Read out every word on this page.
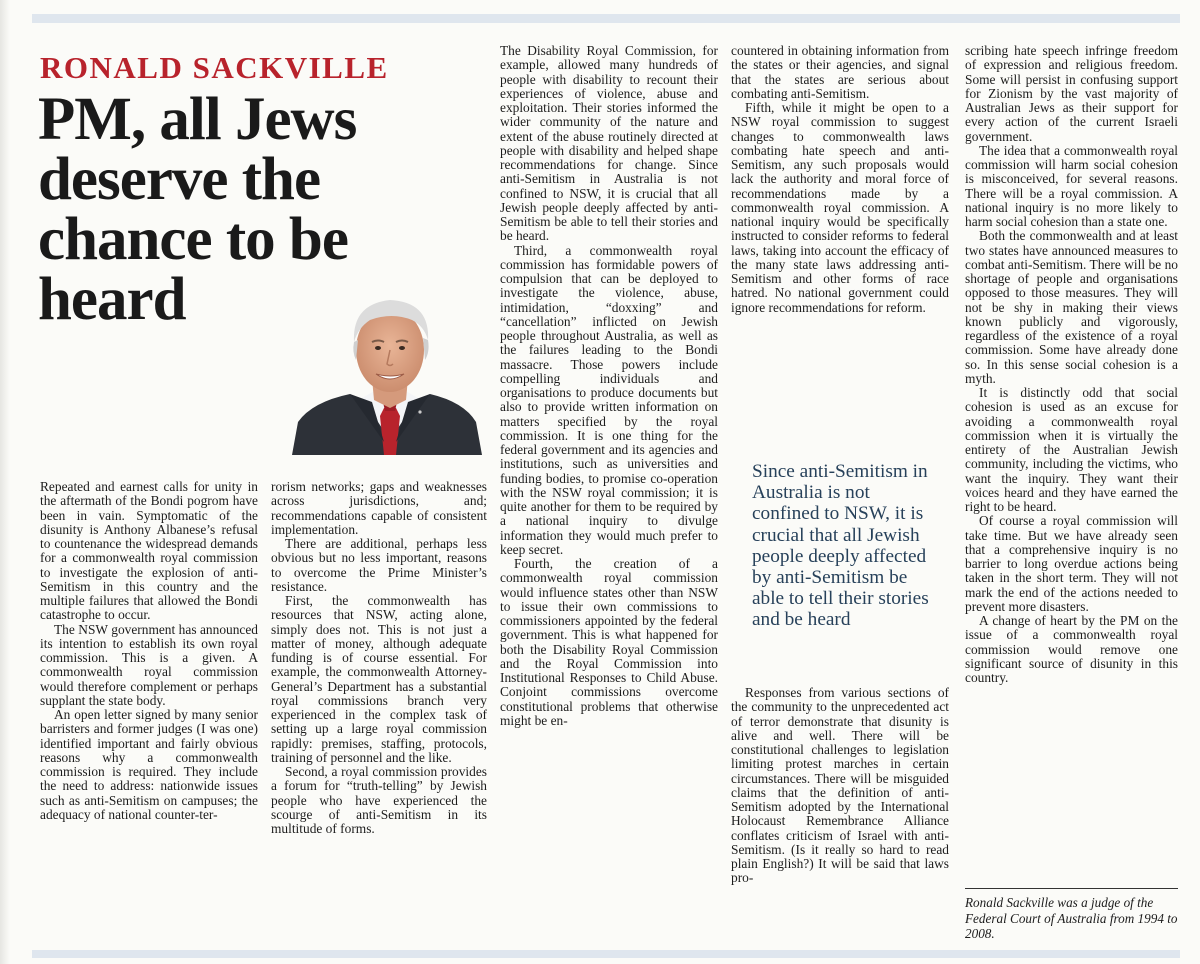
RONALD SACKVILLE
PM, all Jews deserve the chance to be heard

Repeated and earnest calls for unity in the aftermath of the Bondi pogrom have been in vain. Symptomatic of the disunity is Anthony Albanese’s refusal to countenance the widespread demands for a commonwealth royal commission to investigate the explosion of anti-Semitism in this country and the multiple failures that allowed the Bondi catastrophe to occur.

The NSW government has announced its intention to establish its own royal commission. This is a given. A commonwealth royal commission would therefore complement or perhaps supplant the state body.

An open letter signed by many senior barristers and former judges (I was one) identified important and fairly obvious reasons why a commonwealth commission is required. They include the need to address: nationwide issues such as anti-Semitism on campuses; the adequacy of national counter-ter-

rorism networks; gaps and weaknesses across jurisdictions, and; recommendations capable of consistent implementation.

There are additional, perhaps less obvious but no less important, reasons to overcome the Prime Minister’s resistance.

First, the commonwealth has resources that NSW, acting alone, simply does not. This is not just a matter of money, although adequate funding is of course essential. For example, the commonwealth Attorney-General’s Department has a substantial royal commissions branch very experienced in the complex task of setting up a large royal commission rapidly: premises, staffing, protocols, training of personnel and the like.

Second, a royal commission provides a forum for “truth-telling” by Jewish people who have experienced the scourge of anti-Semitism in its multitude of forms.

The Disability Royal Commission, for example, allowed many hundreds of people with disability to recount their experiences of violence, abuse and exploitation. Their stories informed the wider community of the nature and extent of the abuse routinely directed at people with disability and helped shape recommendations for change. Since anti-Semitism in Australia is not confined to NSW, it is crucial that all Jewish people deeply affected by anti-Semitism be able to tell their stories and be heard.

Third, a commonwealth royal commission has formidable powers of compulsion that can be deployed to investigate the violence, abuse, intimidation, “doxxing” and “cancellation” inflicted on Jewish people throughout Australia, as well as the failures leading to the Bondi massacre. Those powers include compelling individuals and organisations to produce documents but also to provide written information on matters specified by the royal commission. It is one thing for the federal government and its agencies and institutions, such as universities and funding bodies, to promise co-operation with the NSW royal commission; it is quite another for them to be required by a national inquiry to divulge information they would much prefer to keep secret.

Fourth, the creation of a commonwealth royal commission would influence states other than NSW to issue their own commissions to commissioners appointed by the federal government. This is what happened for both the Disability Royal Commission and the Royal Commission into Institutional Responses to Child Abuse. Conjoint commissions overcome constitutional problems that otherwise might be en-

countered in obtaining information from the states or their agencies, and signal that the states are serious about combating anti-Semitism.

Fifth, while it might be open to a NSW royal commission to suggest changes to commonwealth laws combating hate speech and anti-Semitism, any such proposals would lack the authority and moral force of recommendations made by a commonwealth royal commission. A national inquiry would be specifically instructed to consider reforms to federal laws, taking into account the efficacy of the many state laws addressing anti-Semitism and other forms of race hatred. No national government could ignore recommendations for reform.

Since anti-Semitism in Australia is not confined to NSW, it is crucial that all Jewish people deeply affected by anti-Semitism be able to tell their stories and be heard

Responses from various sections of the community to the unprecedented act of terror demonstrate that disunity is alive and well. There will be constitutional challenges to legislation limiting protest marches in certain circumstances. There will be misguided claims that the definition of anti-Semitism adopted by the International Holocaust Remembrance Alliance conflates criticism of Israel with anti-Semitism. (Is it really so hard to read plain English?) It will be said that laws pro-

scribing hate speech infringe freedom of expression and religious freedom. Some will persist in confusing support for Zionism by the vast majority of Australian Jews as their support for every action of the current Israeli government.

The idea that a commonwealth royal commission will harm social cohesion is misconceived, for several reasons. There will be a royal commission. A national inquiry is no more likely to harm social cohesion than a state one.

Both the commonwealth and at least two states have announced measures to combat anti-Semitism. There will be no shortage of people and organisations opposed to those measures. They will not be shy in making their views known publicly and vigorously, regardless of the existence of a royal commission. Some have already done so. In this sense social cohesion is a myth.

It is distinctly odd that social cohesion is used as an excuse for avoiding a commonwealth royal commission when it is virtually the entirety of the Australian Jewish community, including the victims, who want the inquiry. They want their voices heard and they have earned the right to be heard.

Of course a royal commission will take time. But we have already seen that a comprehensive inquiry is no barrier to long overdue actions being taken in the short term. They will not mark the end of the actions needed to prevent more disasters.

A change of heart by the PM on the issue of a commonwealth royal commission would remove one significant source of disunity in this country.

Ronald Sackville was a judge of the Federal Court of Australia from 1994 to 2008.
